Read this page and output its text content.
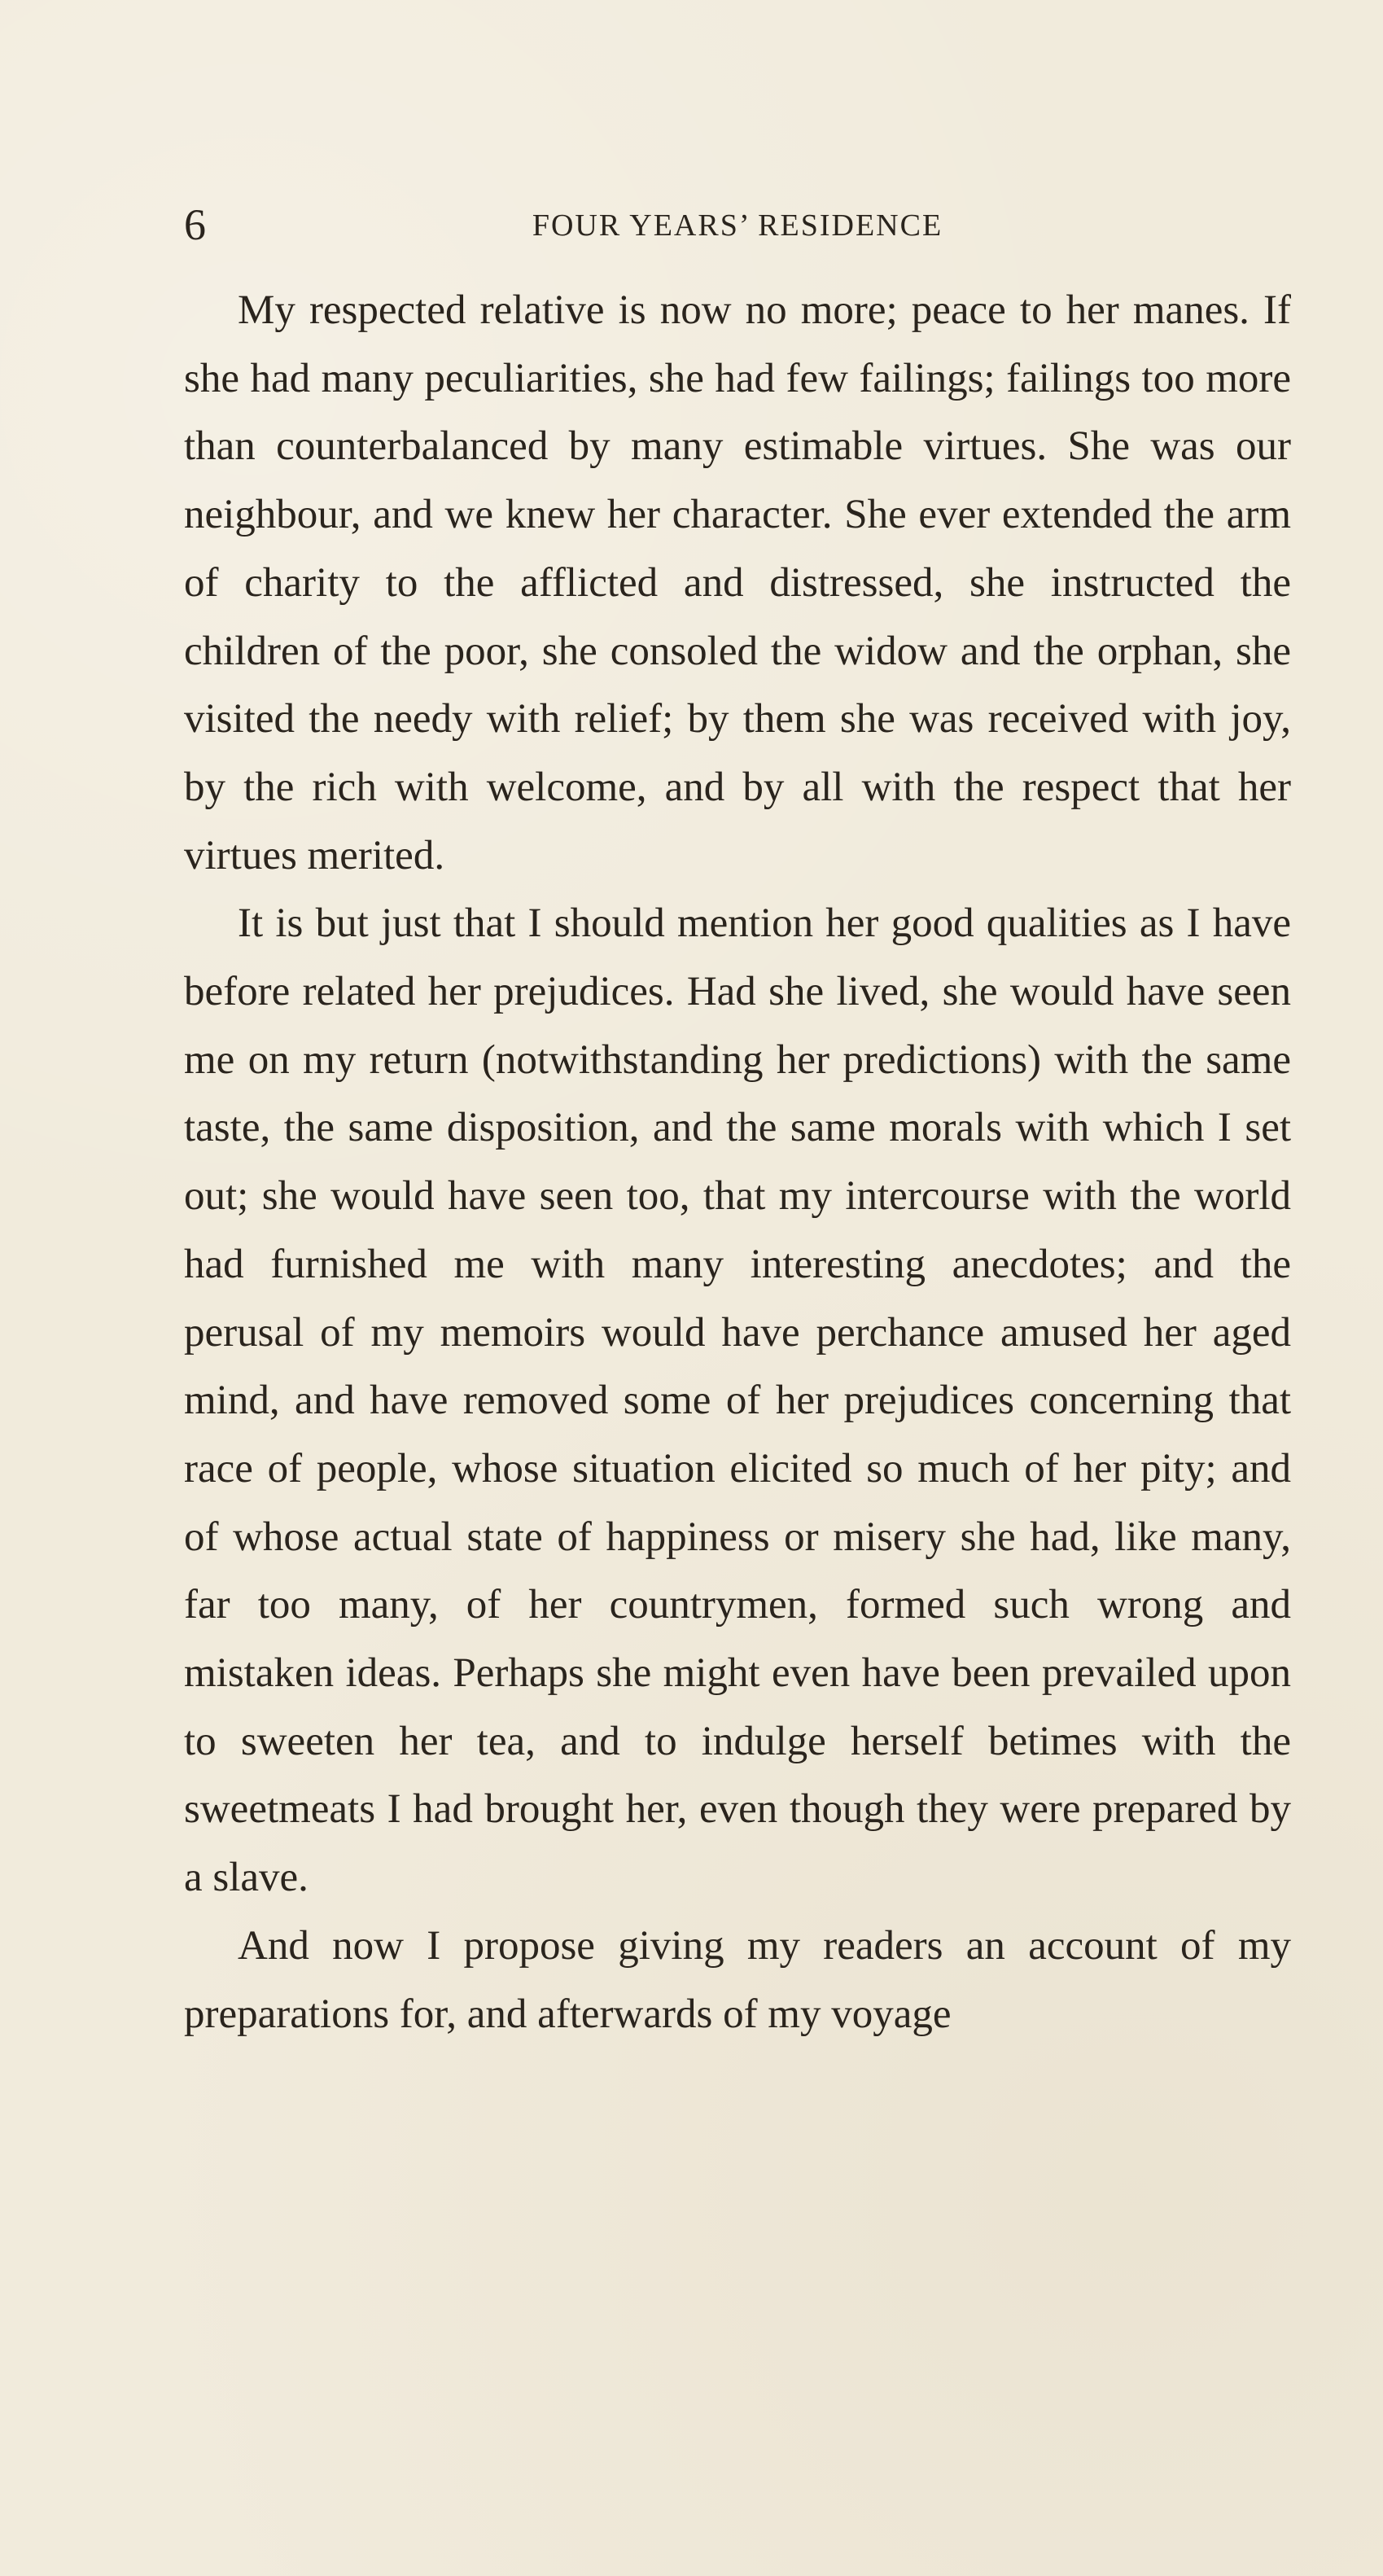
6	FOUR YEARS’ RESIDENCE

My respected relative is now no more; peace to her manes. If she had many peculiarities, she had few failings; failings too more than counterbalanced by many estimable virtues. She was our neighbour, and we knew her character. She ever extended the arm of charity to the afflicted and distressed, she instructed the children of the poor, she consoled the widow and the orphan, she visited the needy with relief; by them she was received with joy, by the rich with welcome, and by all with the respect that her virtues merited.

It is but just that I should mention her good qualities as I have before related her prejudices. Had she lived, she would have seen me on my return (notwithstanding her predictions) with the same taste, the same disposition, and the same morals with which I set out; she would have seen too, that my intercourse with the world had furnished me with many interesting anecdotes; and the perusal of my memoirs would have perchance amused her aged mind, and have removed some of her prejudices concerning that race of people, whose situation elicited so much of her pity; and of whose actual state of happiness or misery she had, like many, far too many, of her countrymen, formed such wrong and mistaken ideas. Perhaps she might even have been prevailed upon to sweeten her tea, and to indulge herself betimes with the sweetmeats I had brought her, even though they were prepared by a slave.

And now I propose giving my readers an account of my preparations for, and afterwards of my voyage
